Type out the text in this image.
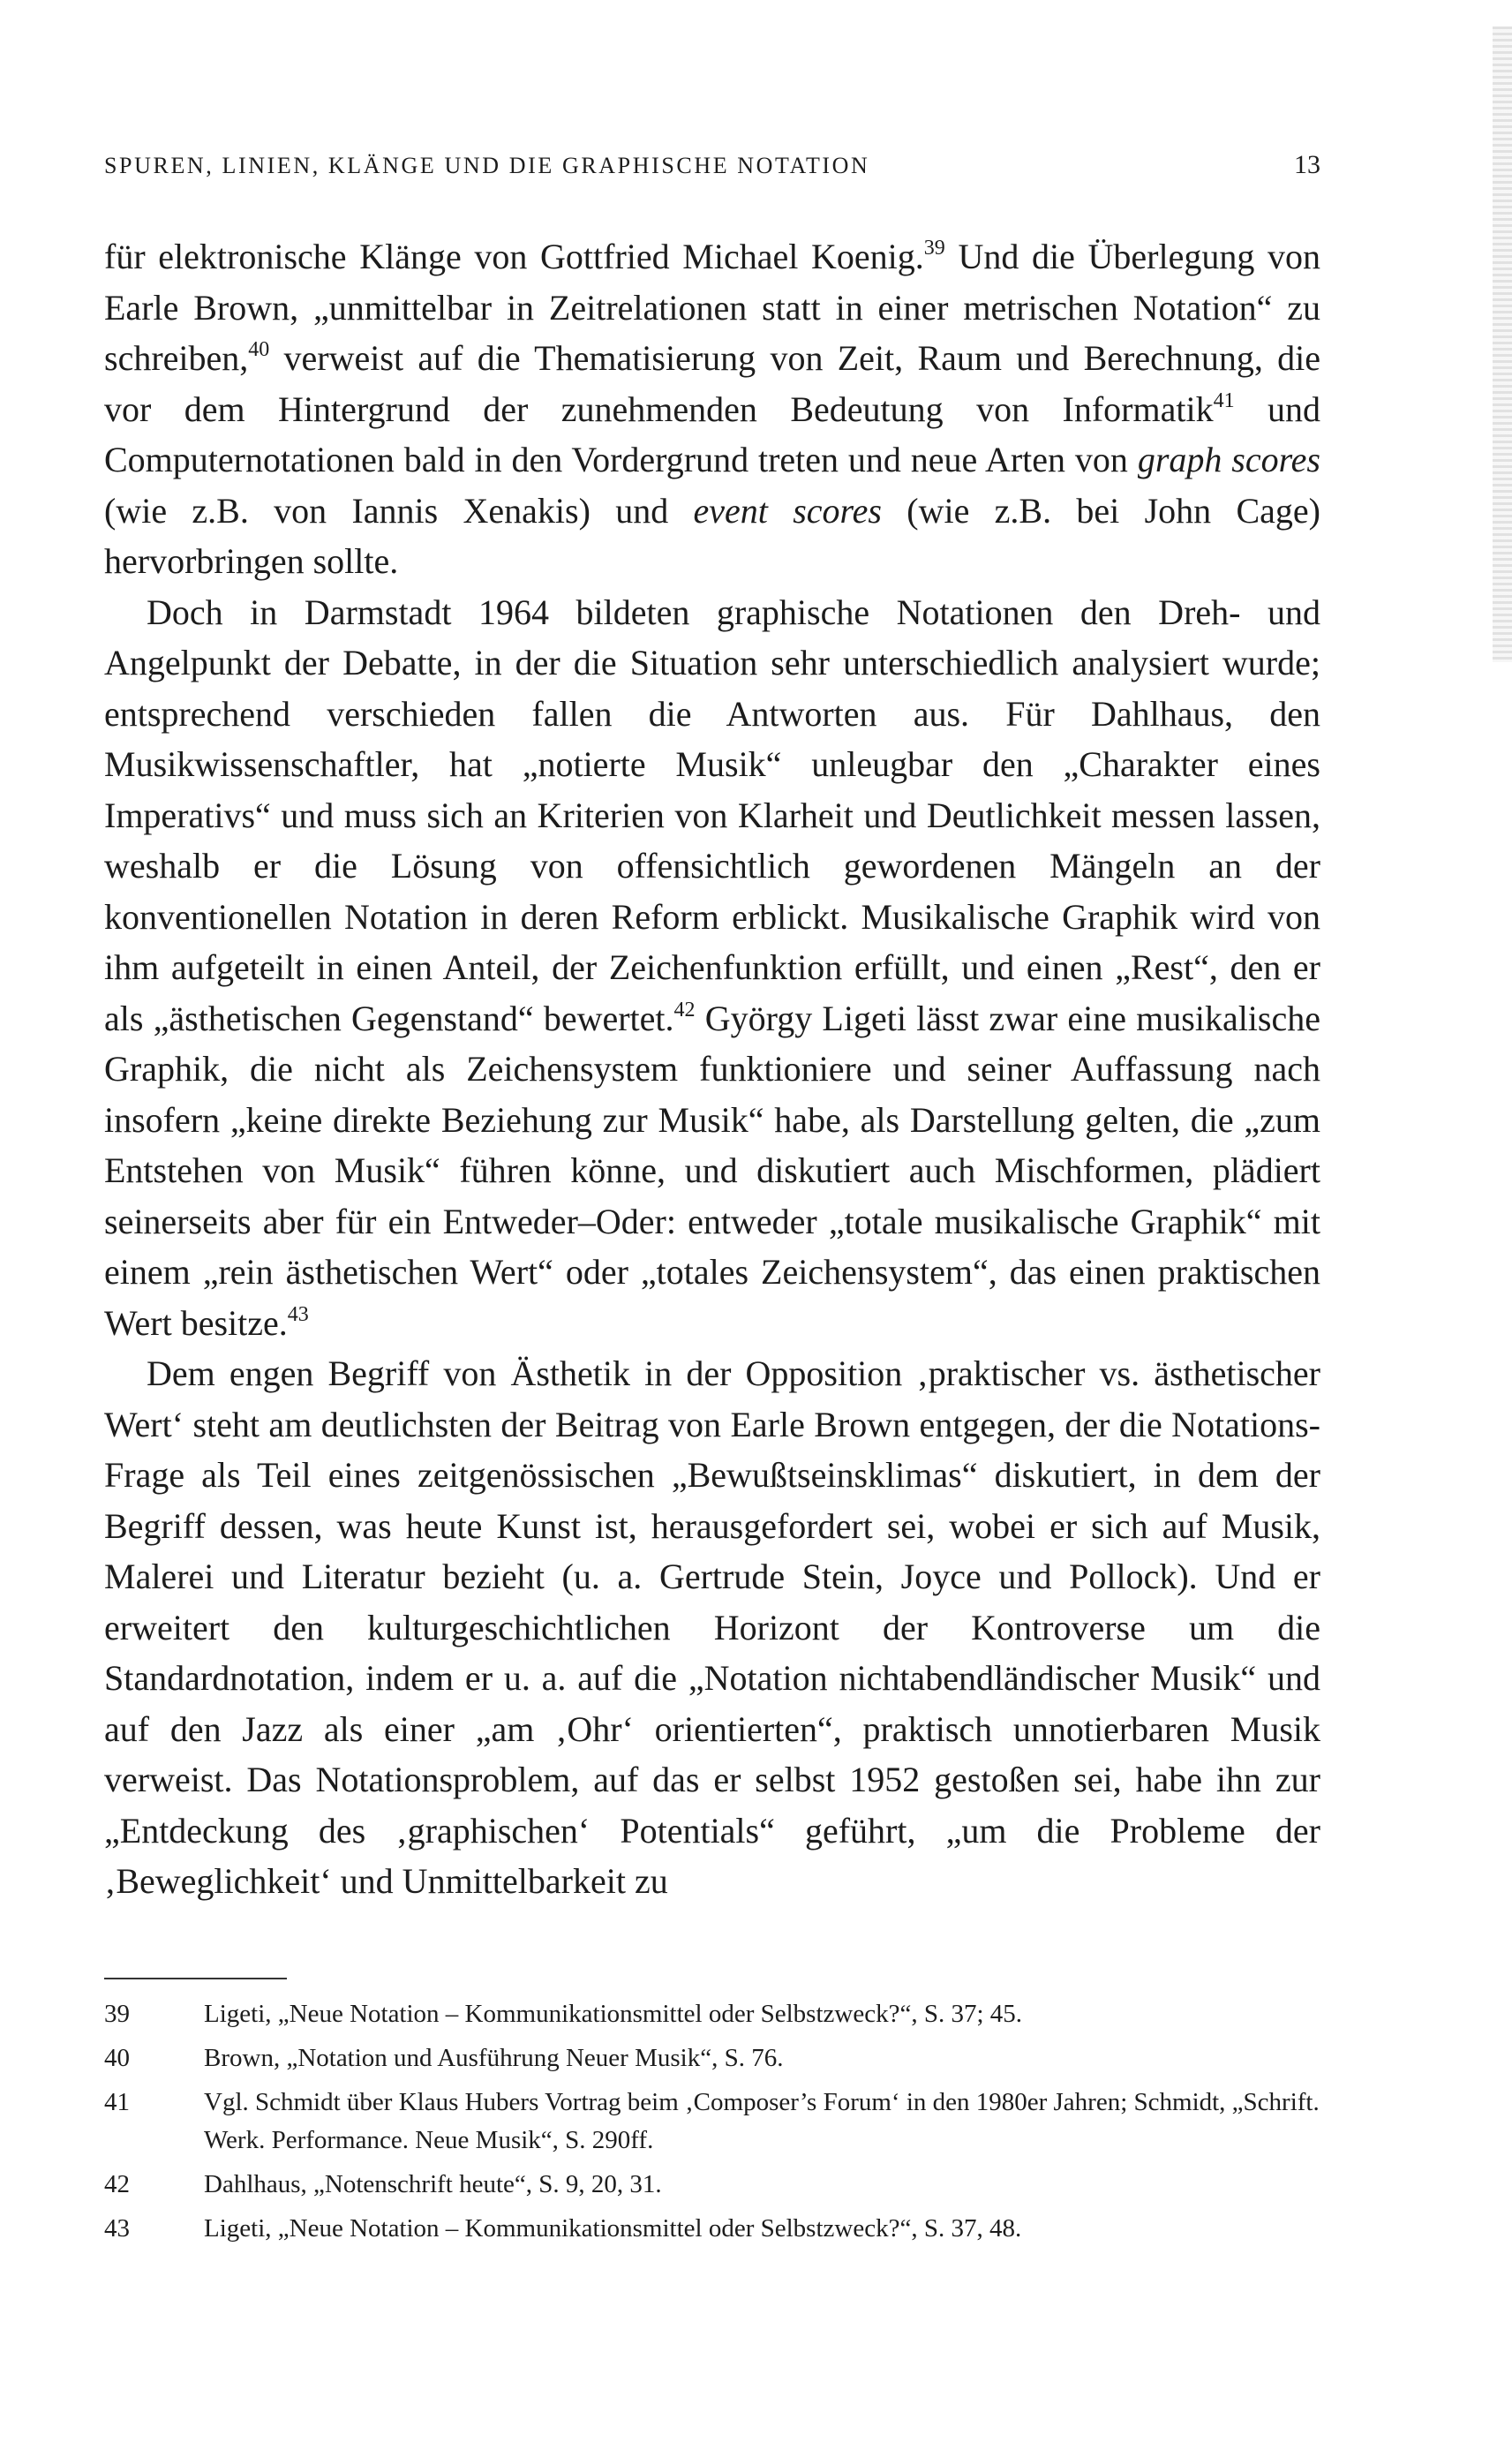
SPUREN, LINIEN, KLÄNGE UND DIE GRAPHISCHE NOTATION	13

für elektronische Klänge von Gottfried Michael Koenig.$^{39}$ Und die Überlegung von Earle Brown, „unmittelbar in Zeitrelationen statt in einer metrischen Notation“ zu schreiben,$^{40}$ verweist auf die Thematisierung von Zeit, Raum und Berechnung, die vor dem Hintergrund der zunehmenden Bedeutung von Informatik$^{41}$ und Computernotationen bald in den Vordergrund treten und neue Arten von graph scores (wie z.B. von Iannis Xenakis) und event scores (wie z.B. bei John Cage) hervorbringen sollte.

Doch in Darmstadt 1964 bildeten graphische Notationen den Dreh- und Angelpunkt der Debatte, in der die Situation sehr unterschiedlich analysiert wurde; entsprechend verschieden fallen die Antworten aus. Für Dahlhaus, den Musikwissenschaftler, hat „notierte Musik“ unleugbar den „Charakter eines Imperativs“ und muss sich an Kriterien von Klarheit und Deutlichkeit messen lassen, weshalb er die Lösung von offensichtlich gewordenen Mängeln an der konventionellen Notation in deren Reform erblickt. Musikalische Graphik wird von ihm aufgeteilt in einen Anteil, der Zeichenfunktion erfüllt, und einen „Rest“, den er als „ästhetischen Gegenstand“ bewertet.$^{42}$ György Ligeti lässt zwar eine musikalische Graphik, die nicht als Zeichensystem funktioniere und seiner Auffassung nach insofern „keine direkte Beziehung zur Musik“ habe, als Darstellung gelten, die „zum Entstehen von Musik“ führen könne, und diskutiert auch Mischformen, plädiert seinerseits aber für ein Entweder–Oder: entweder „totale musikalische Graphik“ mit einem „rein ästhetischen Wert“ oder „totales Zeichensystem“, das einen praktischen Wert besitze.$^{43}$

Dem engen Begriff von Ästhetik in der Opposition ‚praktischer vs. ästhetischer Wert‘ steht am deutlichsten der Beitrag von Earle Brown entgegen, der die Notations-Frage als Teil eines zeitgenössischen „Bewußtseinsklimas“ diskutiert, in dem der Begriff dessen, was heute Kunst ist, herausgefordert sei, wobei er sich auf Musik, Malerei und Literatur bezieht (u. a. Gertrude Stein, Joyce und Pollock). Und er erweitert den kulturgeschichtlichen Horizont der Kontroverse um die Standardnotation, indem er u. a. auf die „Notation nichtabendländischer Musik“ und auf den Jazz als einer „am ‚Ohr‘ orientierten“, praktisch unnotierbaren Musik verweist. Das Notationsproblem, auf das er selbst 1952 gestoßen sei, habe ihn zur „Entdeckung des ‚graphischen‘ Potentials“ geführt, „um die Probleme der ‚Beweglichkeit‘ und Unmittelbarkeit zu

39	Ligeti, „Neue Notation – Kommunikationsmittel oder Selbstzweck?“, S. 37; 45.
40	Brown, „Notation und Ausführung Neuer Musik“, S. 76.
41	Vgl. Schmidt über Klaus Hubers Vortrag beim ‚Composer’s Forum‘ in den 1980er Jahren; Schmidt, „Schrift. Werk. Performance. Neue Musik“, S. 290ff.
42	Dahlhaus, „Notenschrift heute“, S. 9, 20, 31.
43	Ligeti, „Neue Notation – Kommunikationsmittel oder Selbstzweck?“, S. 37, 48.
